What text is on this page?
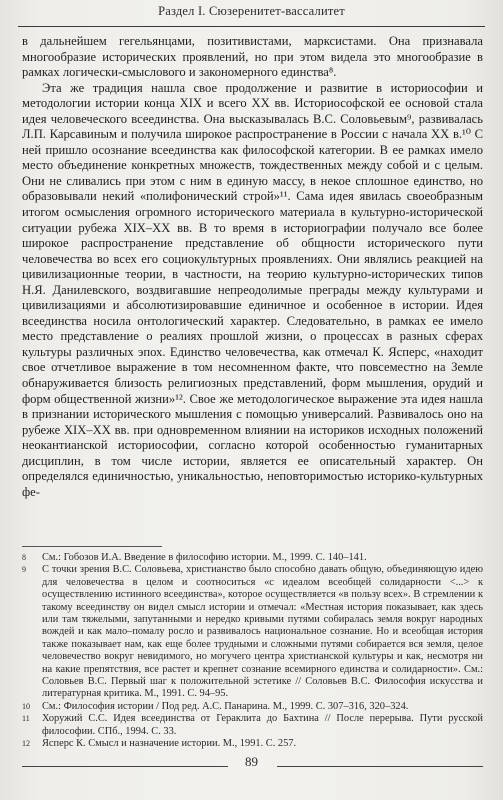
Раздел I. Сюзеренитет-вассалитет

в дальнейшем гегельянцами, позитивистами, марксистами. Она признавала многообразие исторических проявлений, но при этом видела это многообразие в рамках логически-смыслового и закономерного единства⁸.

Эта же традиция нашла свое продолжение и развитие в историософии и методологии истории конца XIX и всего XX вв. Историософской ее основой стала идея человеческого всеединства. Она высказывалась В.С. Соловьевым⁹, развивалась Л.П. Карсавиным и получила широкое распространение в России с начала XX в.¹⁰ С ней пришло осознание всеединства как философской категории. В ее рамках имело место объединение конкретных множеств, тождественных между собой и с целым. Они не сливались при этом с ним в единую массу, в некое сплошное единство, но образовывали некий «полифонический строй»¹¹. Сама идея явилась своеобразным итогом осмысления огромного исторического материала в культурно-исторической ситуации рубежа XIX–XX вв. В то время в историографии получало все более широкое распространение представление об общности исторического пути человечества во всех его социокультурных проявлениях. Они являлись реакцией на цивилизационные теории, в частности, на теорию культурно-исторических типов Н.Я. Данилевского, воздвигавшие непреодолимые преграды между культурами и цивилизациями и абсолютизировавшие единичное и особенное в истории. Идея всеединства носила онтологический характер. Следовательно, в рамках ее имело место представление о реалиях прошлой жизни, о процессах в разных сферах культуры различных эпох. Единство человечества, как отмечал К. Ясперс, «находит свое отчетливое выражение в том несомненном факте, что повсеместно на Земле обнаруживается близость религиозных представлений, форм мышления, орудий и форм общественной жизни»¹². Свое же методологическое выражение эта идея нашла в признании исторического мышления с помощью универсалий. Развивалось оно на рубеже XIX–XX вв. при одновременном влиянии на историков исходных положений неокантианской историософии, согласно которой особенностью гуманитарных дисциплин, в том числе истории, является ее описательный характер. Он определялся единичностью, уникальностью, неповторимостью историко-культурных фе-

8	См.: Гобозов И.А. Введение в философию истории. М., 1999. С. 140–141.
9	С точки зрения В.С. Соловьева, христианство было способно давать общую, объединяющую идею для человечества в целом и соотноситься «с идеалом всеобщей солидарности <...> к осуществлению истинного всеединства», которое осуществляется «в пользу всех». В стремлении к такому всеединству он видел смысл истории и отмечал: «Местная история показывает, как здесь или там тяжелыми, запутанными и нередко кривыми путями собиралась земля вокруг народных вождей и как мало–помалу росло и развивалось национальное сознание. Но и всеобщая история также показывает нам, как еще более трудными и сложными путями собирается вся земля, целое человечество вокруг невидимого, но могучего центра христианской культуры и как, несмотря ни на какие препятствия, все растет и крепнет сознание всемирного единства и солидарности». См.: Соловьев В.С. Первый шаг к положительной эстетике // Соловьев В.С. Философия искусства и литературная критика. М., 1991. С. 94–95.
10	См.: Философия истории / Под ред. А.С. Панарина. М., 1999. С. 307–316, 320–324.
11	Хоружий С.С. Идея всеединства от Гераклита до Бахтина // После перерыва. Пути русской философии. СПб., 1994. С. 33.
12	Ясперс К. Смысл и назначение истории. М., 1991. С. 257.
89
